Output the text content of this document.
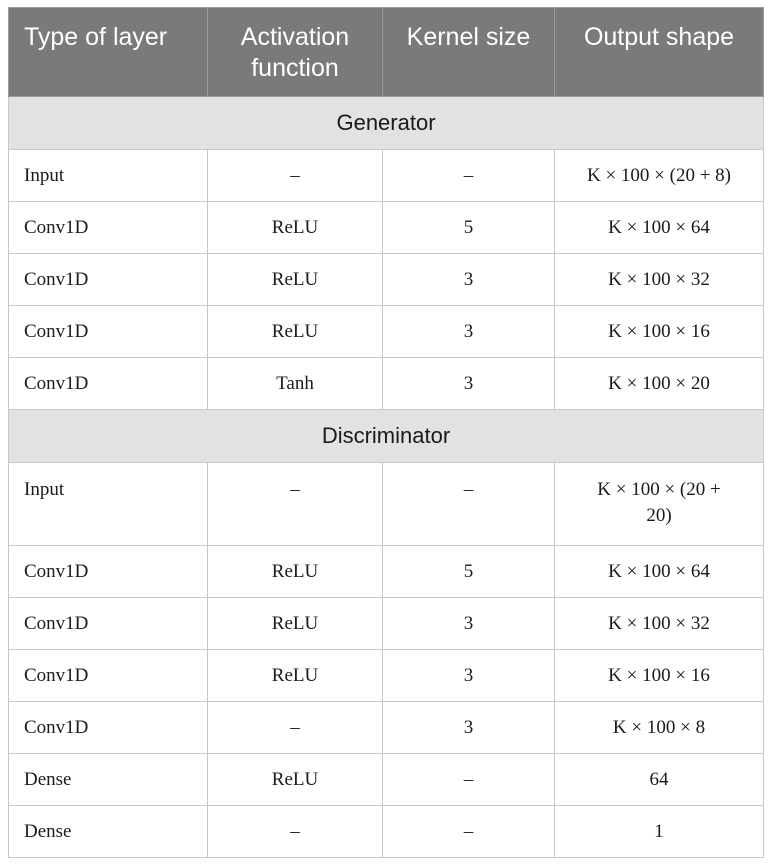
Type of layer	Activation function	Kernel size	Output shape
Generator			
Input	–	–	K × 100 × (20 + 8)
Conv1D	ReLU	5	K × 100 × 64
Conv1D	ReLU	3	K × 100 × 32
Conv1D	ReLU	3	K × 100 × 16
Conv1D	Tanh	3	K × 100 × 20
Discriminator			
Input	–	–	K × 100 × (20 + 20)
Conv1D	ReLU	5	K × 100 × 64
Conv1D	ReLU	3	K × 100 × 32
Conv1D	ReLU	3	K × 100 × 16
Conv1D	–	3	K × 100 × 8
Dense	ReLU	–	64
Dense	–	–	1
